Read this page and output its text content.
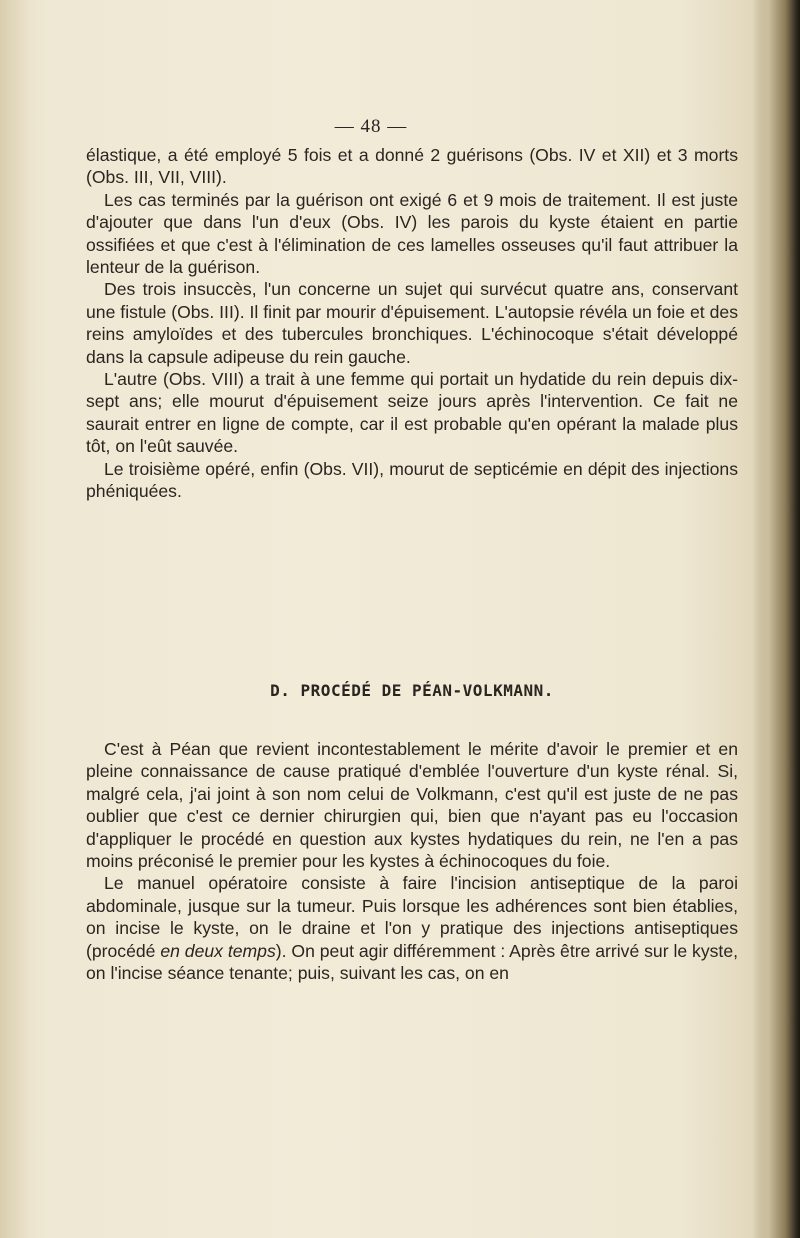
— 48 —

élastique, a été employé 5 fois et a donné 2 guérisons (Obs. IV et XII) et 3 morts (Obs. III, VII, VIII).

Les cas terminés par la guérison ont exigé 6 et 9 mois de traitement. Il est juste d'ajouter que dans l'un d'eux (Obs. IV) les parois du kyste étaient en partie ossifiées et que c'est à l'élimination de ces lamelles osseuses qu'il faut attribuer la lenteur de la guérison.

Des trois insuccès, l'un concerne un sujet qui survécut quatre ans, conservant une fistule (Obs. III). Il finit par mourir d'épuisement. L'autopsie révéla un foie et des reins amyloïdes et des tubercules bronchiques. L'échinocoque s'était développé dans la capsule adipeuse du rein gauche.

L'autre (Obs. VIII) a trait à une femme qui portait un hydatide du rein depuis dix-sept ans; elle mourut d'épuisement seize jours après l'intervention. Ce fait ne saurait entrer en ligne de compte, car il est probable qu'en opérant la malade plus tôt, on l'eût sauvée.

Le troisième opéré, enfin (Obs. VII), mourut de septicémie en dépit des injections phéniquées.

D. PROCÉDÉ DE PÉAN-VOLKMANN.

C'est à Péan que revient incontestablement le mérite d'avoir le premier et en pleine connaissance de cause pratiqué d'emblée l'ouverture d'un kyste rénal. Si, malgré cela, j'ai joint à son nom celui de Volkmann, c'est qu'il est juste de ne pas oublier que c'est ce dernier chirurgien qui, bien que n'ayant pas eu l'occasion d'appliquer le procédé en question aux kystes hydatiques du rein, ne l'en a pas moins préconisé le premier pour les kystes à échinocoques du foie.

Le manuel opératoire consiste à faire l'incision antiseptique de la paroi abdominale, jusque sur la tumeur. Puis lorsque les adhérences sont bien établies, on incise le kyste, on le draine et l'on y pratique des injections antiseptiques (procédé en deux temps). On peut agir différemment : Après être arrivé sur le kyste, on l'incise séance tenante; puis, suivant les cas, on en
